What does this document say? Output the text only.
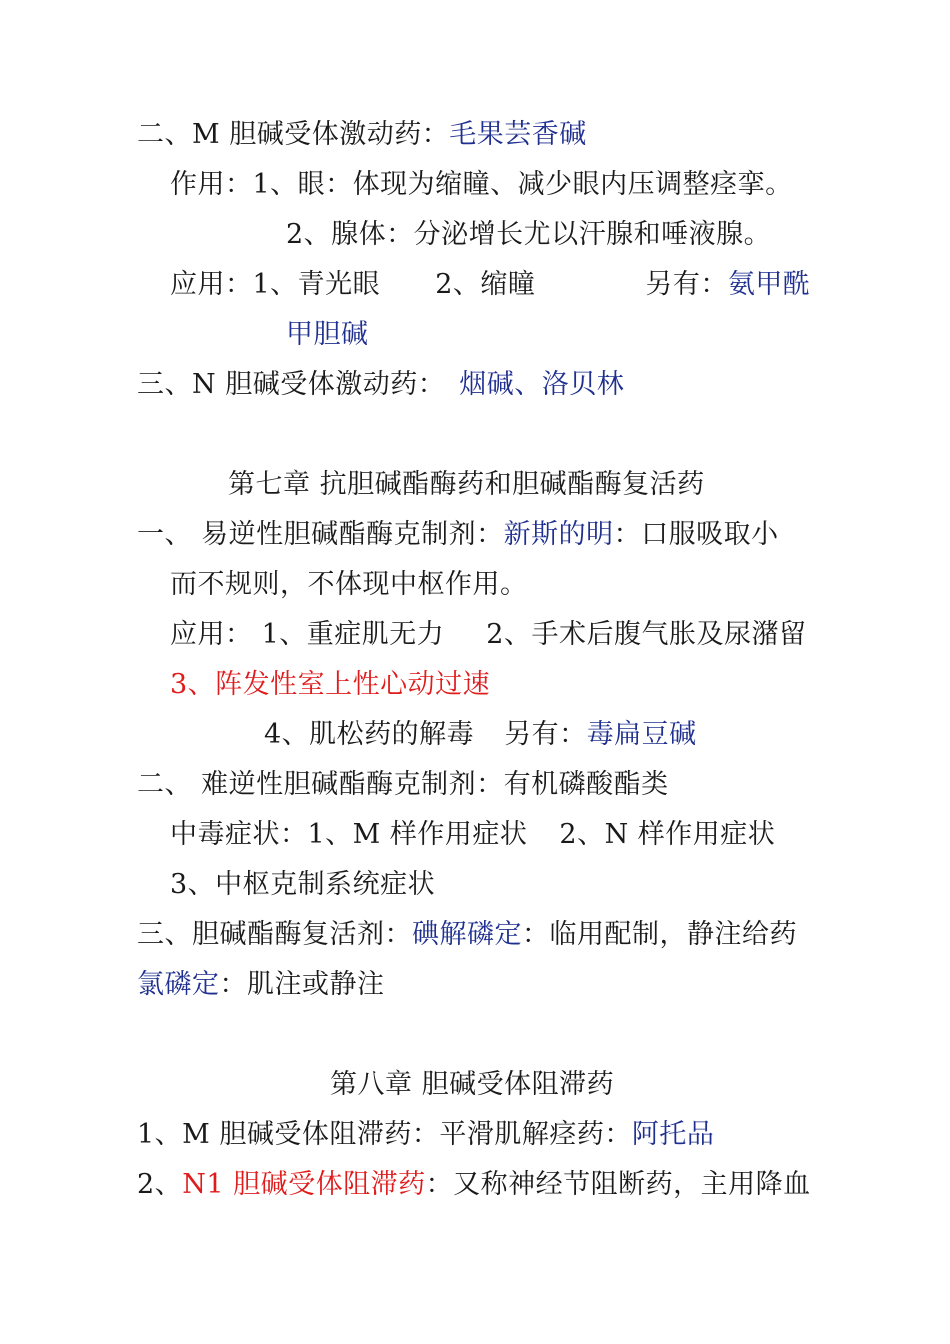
二、M 胆碱受体激动药：毛果芸香碱
作用：1、眼：体现为缩瞳、减少眼内压调整痉挛。
2、腺体：分泌增长尤以汗腺和唾液腺。
应用：1、青光眼 2、缩瞳	另有：氨甲酰
甲胆碱
三、N 胆碱受体激动药： 烟碱、洛贝林
第七章 抗胆碱酯酶药和胆碱酯酶复活药
一、 易逆性胆碱酯酶克制剂：新斯的明：口服吸取小
而不规则，不体现中枢作用。
应用： 1、重症肌无力 2、手术后腹气胀及尿潴留
3、阵发性室上性心动过速
4、肌松药的解毒 另有：毒扁豆碱
二、 难逆性胆碱酯酶克制剂：有机磷酸酯类
中毒症状：1、M 样作用症状 2、N 样作用症状
3、中枢克制系统症状
三、胆碱酯酶复活剂：碘解磷定：临用配制，静注给药
氯磷定：肌注或静注
第八章 胆碱受体阻滞药
1、M 胆碱受体阻滞药：平滑肌解痉药：阿托品
2、N1 胆碱受体阻滞药：又称神经节阻断药，主用降血
